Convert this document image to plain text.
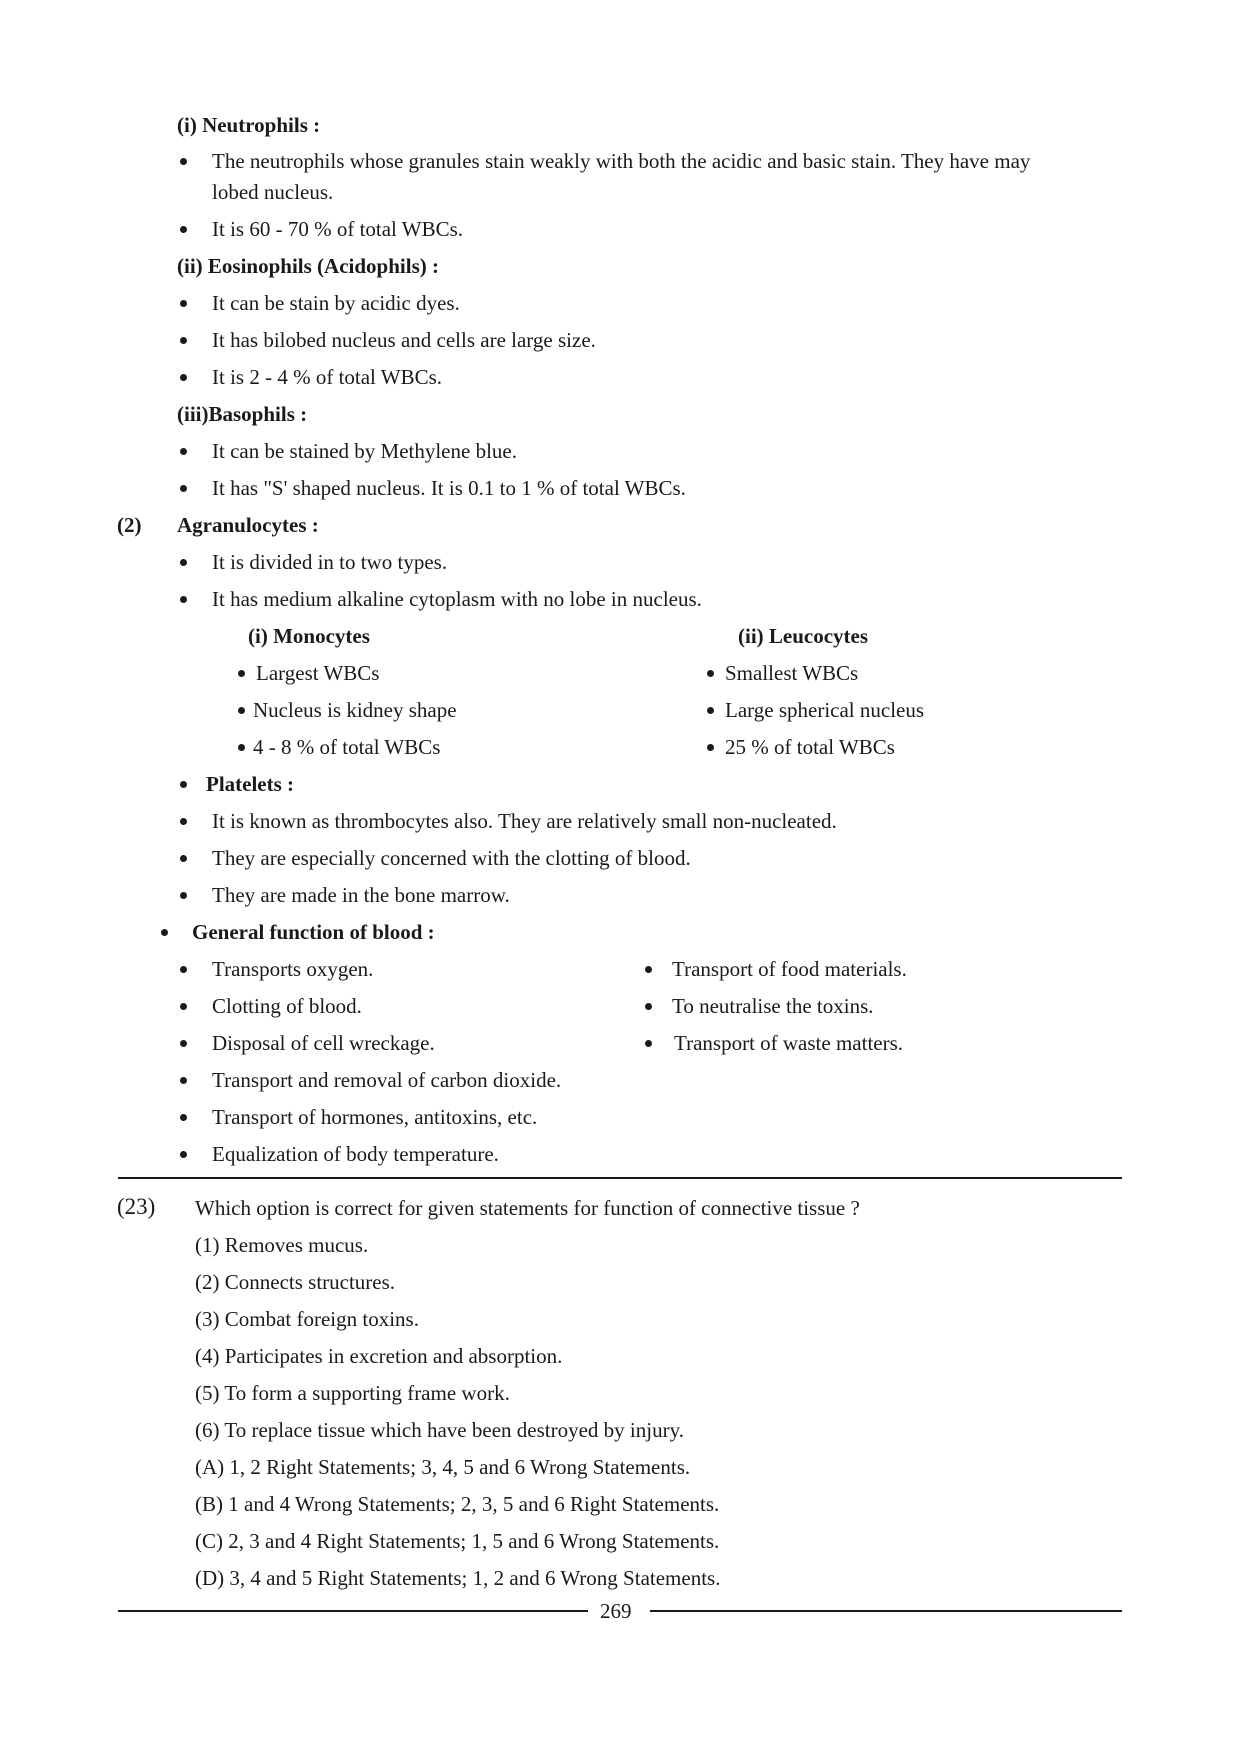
(i) Neutrophils :
The neutrophils whose granules stain weakly with both the acidic and basic stain. They have may
lobed nucleus.
It is 60 - 70 % of total WBCs.
(ii) Eosinophils (Acidophils) :
It can be stain by acidic dyes.
It has bilobed nucleus and cells are large size.
It is 2 - 4 % of total WBCs.
(iii)Basophils :
It can be stained by Methylene blue.
It has "S' shaped nucleus. It is 0.1 to 1 % of total WBCs.
(2) Agranulocytes :
It is divided in to two types.
It has medium alkaline cytoplasm with no lobe in nucleus.
(i) Monocytes	(ii) Leucocytes
Largest WBCs
Nucleus is kidney shape
4 - 8 % of total WBCs
Smallest WBCs
Large spherical nucleus
25 % of total WBCs
Platelets :
It is known as thrombocytes also. They are relatively small non-nucleated.
They are especially concerned with the clotting of blood.
They are made in the bone marrow.
General function of blood :
Transports oxygen.
Clotting of blood.
Disposal of cell wreckage.
Transport and removal of carbon dioxide.
Transport of hormones, antitoxins, etc.
Equalization of body temperature.
Transport of food materials.
To neutralise the toxins.
Transport of waste matters.
(23) Which option is correct for given statements for function of connective tissue ?
(1) Removes mucus.
(2) Connects structures.
(3) Combat foreign toxins.
(4) Participates in excretion and absorption.
(5) To form a supporting frame work.
(6) To replace tissue which have been destroyed by injury.
(A) 1, 2 Right Statements; 3, 4, 5 and 6 Wrong Statements.
(B) 1 and 4 Wrong Statements; 2, 3, 5 and 6 Right Statements.
(C) 2, 3 and 4 Right Statements; 1, 5 and 6 Wrong Statements.
(D) 3, 4 and 5 Right Statements; 1, 2 and 6 Wrong Statements.
269
